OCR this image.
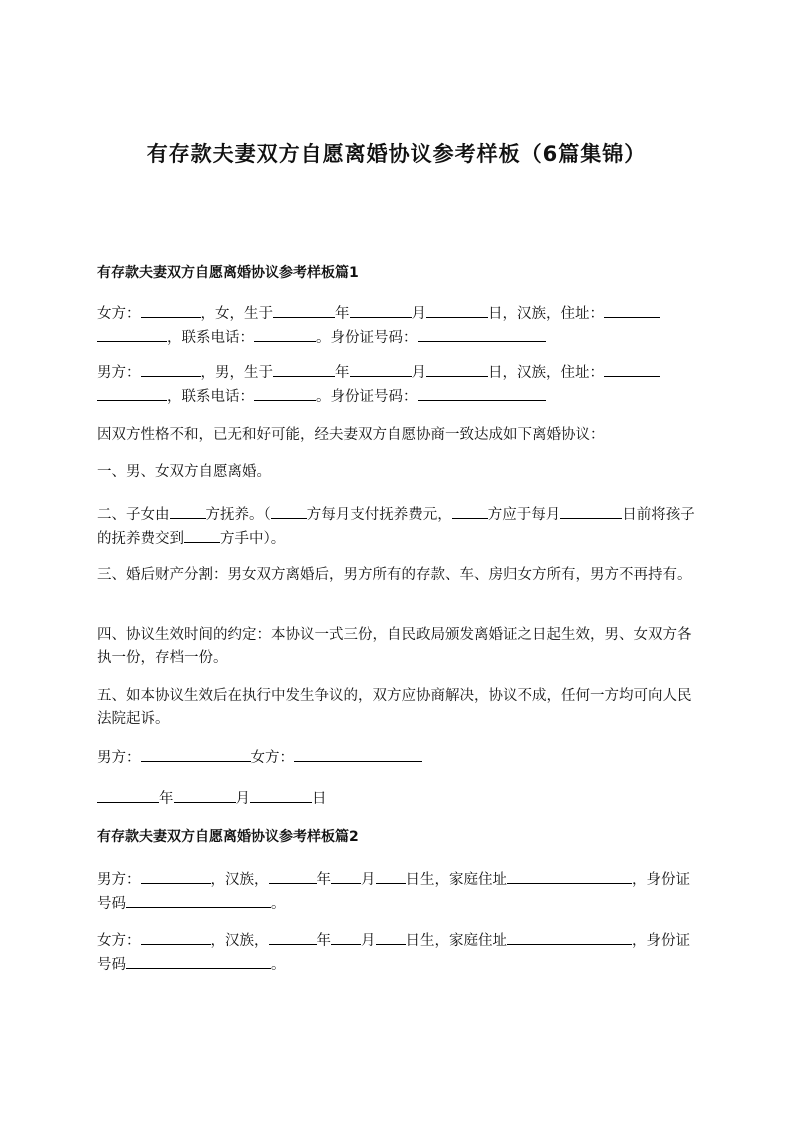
有存款夫妻双方自愿离婚协议参考样板（6篇集锦）
有存款夫妻双方自愿离婚协议参考样板篇1
女方：	，女，生于	年	月	日，汉族，住址：，联系电话：	。身份证号码：
男方：	，男，生于	年	月	日，汉族，住址：，联系电话：	。身份证号码：
因双方性格不和，已无和好可能，经夫妻双方自愿协商一致达成如下离婚协议：
一、男、女双方自愿离婚。
二、子女由 方抚养。（ 方每月支付抚养费元， 方应于每月	日前将孩子的抚养费交到 方手中）。
三、婚后财产分割：男女双方离婚后，男方所有的存款、车、房归女方所有，男方不再持有。
四、协议生效时间的约定：本协议一式三份，自民政局颁发离婚证之日起生效，男、女双方各执一份，存档一份。
五、如本协议生效后在执行中发生争议的，双方应协商解决，协议不成，任何一方均可向人民法院起诉。
男方：	女方：
年	月	日
有存款夫妻双方自愿离婚协议参考样板篇2
男方：	，汉族，	年 月 日生，家庭住址	，身份证号码	。
女方：	，汉族，	年 月 日生，家庭住址	，身份证号码	。
